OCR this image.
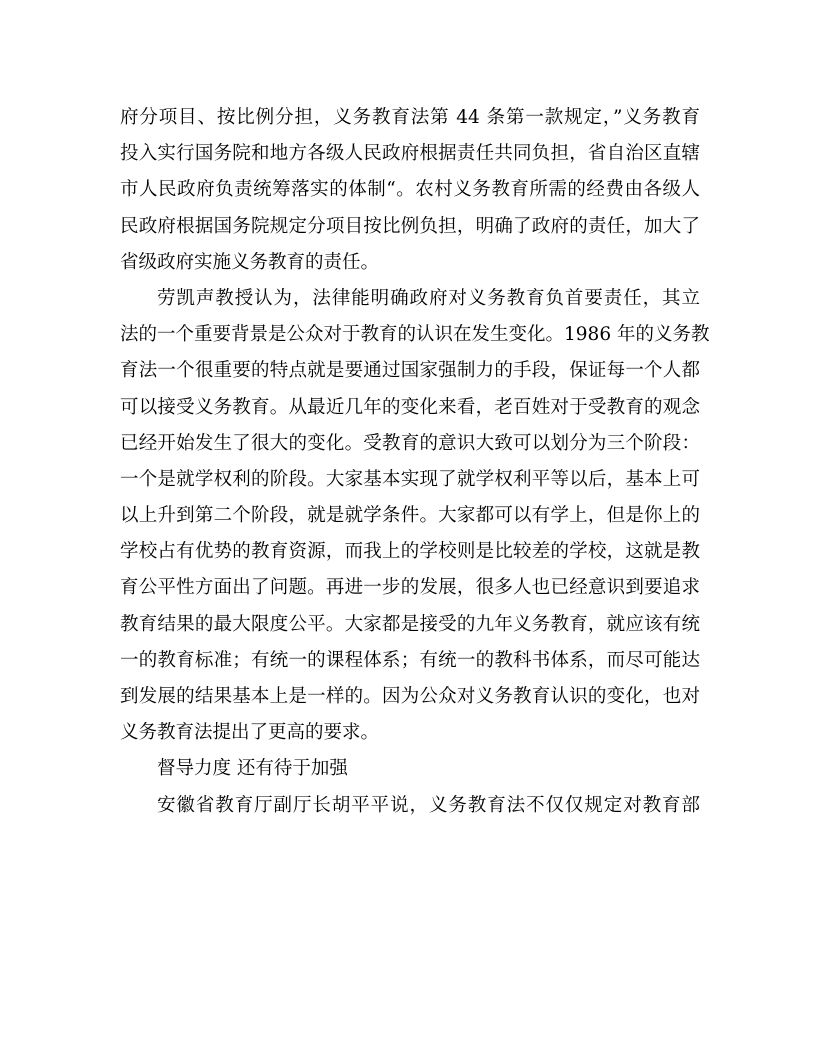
府分项目、按比例分担，义务教育法第 44 条第一款规定，”义务教育
投入实行国务院和地方各级人民政府根据责任共同负担，省自治区直辖
市人民政府负责统筹落实的体制“。农村义务教育所需的经费由各级人
民政府根据国务院规定分项目按比例负担，明确了政府的责任，加大了
省级政府实施义务教育的责任。
劳凯声教授认为，法律能明确政府对义务教育负首要责任，其立
法的一个重要背景是公众对于教育的认识在发生变化。1986 年的义务教
育法一个很重要的特点就是要通过国家强制力的手段，保证每一个人都
可以接受义务教育。从最近几年的变化来看，老百姓对于受教育的观念
已经开始发生了很大的变化。受教育的意识大致可以划分为三个阶段：
一个是就学权利的阶段。大家基本实现了就学权利平等以后，基本上可
以上升到第二个阶段，就是就学条件。大家都可以有学上，但是你上的
学校占有优势的教育资源，而我上的学校则是比较差的学校，这就是教
育公平性方面出了问题。再进一步的发展，很多人也已经意识到要追求
教育结果的最大限度公平。大家都是接受的九年义务教育，就应该有统
一的教育标准；有统一的课程体系；有统一的教科书体系，而尽可能达
到发展的结果基本上是一样的。因为公众对义务教育认识的变化，也对
义务教育法提出了更高的要求。
督导力度 还有待于加强
安徽省教育厅副厅长胡平平说，义务教育法不仅仅规定对教育部
